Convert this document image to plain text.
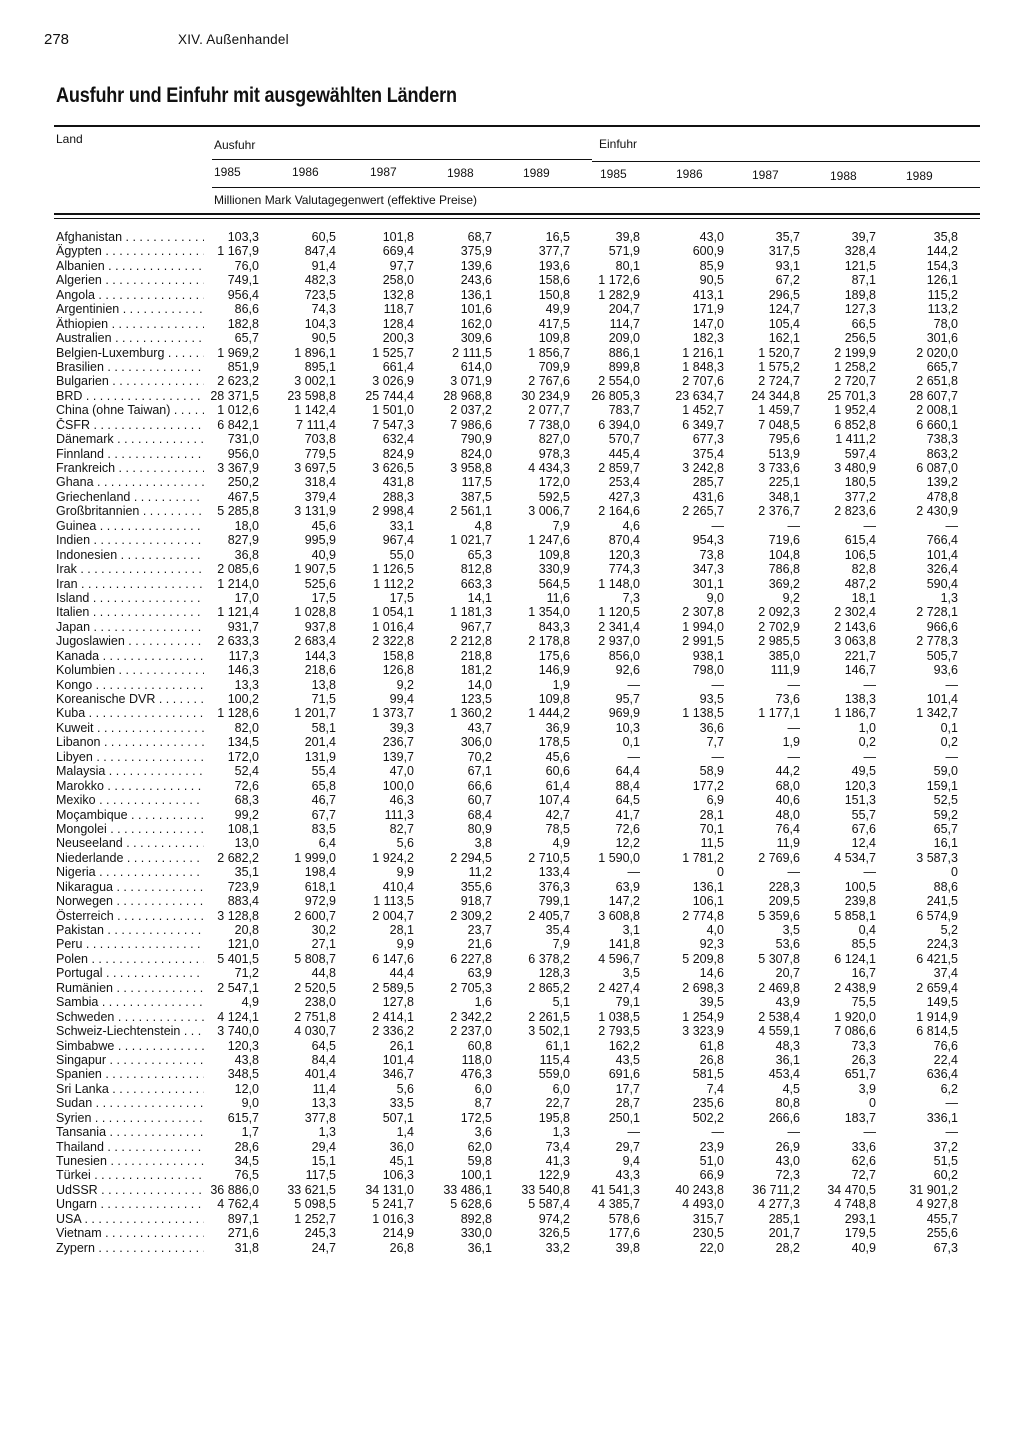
278	XIV. Außenhandel
Ausfuhr und Einfuhr mit ausgewählten Ländern
Land	Ausfuhr	Einfuhr
1985	1986	1987	1988	1989	1985	1986	1987	1988	1989
Millionen Mark Valutagegenwert (effektive Preise)
Afghanistan . . .	103,3	60,5	101,8	68,7	16,5	39,8	43,0	35,7	39,7	35,8
Ägypten . . .	1 167,9	847,4	669,4	375,9	377,7	571,9	600,9	317,5	328,4	144,2
Albanien . . .	76,0	91,4	97,7	139,6	193,6	80,1	85,9	93,1	121,5	154,3
Algerien . . .	749,1	482,3	258,0	243,6	158,6	1 172,6	90,5	67,2	87,1	126,1
Angola . . .	956,4	723,5	132,8	136,1	150,8	1 282,9	413,1	296,5	189,8	115,2
Argentinien . . .	86,6	74,3	118,7	101,6	49,9	204,7	171,9	124,7	127,3	113,2
Äthiopien . . .	182,8	104,3	128,4	162,0	417,5	114,7	147,0	105,4	66,5	78,0
Australien . . .	65,7	90,5	200,3	309,6	109,8	209,0	182,3	162,1	256,5	301,6
Belgien-Luxemburg . . .	1 969,2	1 896,1	1 525,7	2 111,5	1 856,7	886,1	1 216,1	1 520,7	2 199,9	2 020,0
Brasilien . . .	851,9	895,1	661,4	614,0	709,9	899,8	1 848,3	1 575,2	1 258,2	665,7
Bulgarien . . .	2 623,2	3 002,1	3 026,9	3 071,9	2 767,6	2 554,0	2 707,6	2 724,7	2 720,7	2 651,8
BRD . . .	28 371,5	23 598,8	25 744,4	28 968,8	30 234,9	26 805,3	23 634,7	24 344,8	25 701,3	28 607,7
China (ohne Taiwan) . . .	1 012,6	1 142,4	1 501,0	2 037,2	2 077,7	783,7	1 452,7	1 459,7	1 952,4	2 008,1
ČSFR . . .	6 842,1	7 111,4	7 547,3	7 986,6	7 738,0	6 394,0	6 349,7	7 048,5	6 852,8	6 660,1
Dänemark . . .	731,0	703,8	632,4	790,9	827,0	570,7	677,3	795,6	1 411,2	738,3
Finnland . . .	956,0	779,5	824,9	824,0	978,3	445,4	375,4	513,9	597,4	863,2
Frankreich . . .	3 367,9	3 697,5	3 626,5	3 958,8	4 434,3	2 859,7	3 242,8	3 733,6	3 480,9	6 087,0
Ghana . . .	250,2	318,4	431,8	117,5	172,0	253,4	285,7	225,1	180,5	139,2
Griechenland . . .	467,5	379,4	288,3	387,5	592,5	427,3	431,6	348,1	377,2	478,8
Großbritannien . . .	5 285,8	3 131,9	2 998,4	2 561,1	3 006,7	2 164,6	2 265,7	2 376,7	2 823,6	2 430,9
Guinea . . .	18,0	45,6	33,1	4,8	7,9	4,6	—	—	—	—
Indien . . .	827,9	995,9	967,4	1 021,7	1 247,6	870,4	954,3	719,6	615,4	766,4
Indonesien . . .	36,8	40,9	55,0	65,3	109,8	120,3	73,8	104,8	106,5	101,4
Irak . . .	2 085,6	1 907,5	1 126,5	812,8	330,9	774,3	347,3	786,8	82,8	326,4
Iran . . .	1 214,0	525,6	1 112,2	663,3	564,5	1 148,0	301,1	369,2	487,2	590,4
Island . . .	17,0	17,5	17,5	14,1	11,6	7,3	9,0	9,2	18,1	1,3
Italien . . .	1 121,4	1 028,8	1 054,1	1 181,3	1 354,0	1 120,5	2 307,8	2 092,3	2 302,4	2 728,1
Japan . . .	931,7	937,8	1 016,4	967,7	843,3	2 341,4	1 994,0	2 702,9	2 143,6	966,6
Jugoslawien . . .	2 633,3	2 683,4	2 322,8	2 212,8	2 178,8	2 937,0	2 991,5	2 985,5	3 063,8	2 778,3
Kanada . . .	117,3	144,3	158,8	218,8	175,6	856,0	938,1	385,0	221,7	505,7
Kolumbien . . .	146,3	218,6	126,8	181,2	146,9	92,6	798,0	111,9	146,7	93,6
Kongo . . .	13,3	13,8	9,2	14,0	1,9	—	—	—	—	—
Koreanische DVR . . .	100,2	71,5	99,4	123,5	109,8	95,7	93,5	73,6	138,3	101,4
Kuba . . .	1 128,6	1 201,7	1 373,7	1 360,2	1 444,2	969,9	1 138,5	1 177,1	1 186,7	1 342,7
Kuweit . . .	82,0	58,1	39,3	43,7	36,9	10,3	36,6	—	1,0	0,1
Libanon . . .	134,5	201,4	236,7	306,0	178,5	0,1	7,7	1,9	0,2	0,2
Libyen . . .	172,0	131,9	139,7	70,2	45,6	—	—	—	—	—
Malaysia . . .	52,4	55,4	47,0	67,1	60,6	64,4	58,9	44,2	49,5	59,0
Marokko . . .	72,6	65,8	100,0	66,6	61,4	88,4	177,2	68,0	120,3	159,1
Mexiko . . .	68,3	46,7	46,3	60,7	107,4	64,5	6,9	40,6	151,3	52,5
Moçambique . . .	99,2	67,7	111,3	68,4	42,7	41,7	28,1	48,0	55,7	59,2
Mongolei . . .	108,1	83,5	82,7	80,9	78,5	72,6	70,1	76,4	67,6	65,7
Neuseeland . . .	13,0	6,4	5,6	3,8	4,9	12,2	11,5	11,9	12,4	16,1
Niederlande . . .	2 682,2	1 999,0	1 924,2	2 294,5	2 710,5	1 590,0	1 781,2	2 769,6	4 534,7	3 587,3
Nigeria . . .	35,1	198,4	9,9	11,2	133,4	—	0	—	—	0
Nikaragua . . .	723,9	618,1	410,4	355,6	376,3	63,9	136,1	228,3	100,5	88,6
Norwegen . . .	883,4	972,9	1 113,5	918,7	799,1	147,2	106,1	209,5	239,8	241,5
Österreich . . .	3 128,8	2 600,7	2 004,7	2 309,2	2 405,7	3 608,8	2 774,8	5 359,6	5 858,1	6 574,9
Pakistan . . .	20,8	30,2	28,1	23,7	35,4	3,1	4,0	3,5	0,4	5,2
Peru . . .	121,0	27,1	9,9	21,6	7,9	141,8	92,3	53,6	85,5	224,3
Polen . . .	5 401,5	5 808,7	6 147,6	6 227,8	6 378,2	4 596,7	5 209,8	5 307,8	6 124,1	6 421,5
Portugal . . .	71,2	44,8	44,4	63,9	128,3	3,5	14,6	20,7	16,7	37,4
Rumänien . . .	2 547,1	2 520,5	2 589,5	2 705,3	2 865,2	2 427,4	2 698,3	2 469,8	2 438,9	2 659,4
Sambia . . .	4,9	238,0	127,8	1,6	5,1	79,1	39,5	43,9	75,5	149,5
Schweden . . .	4 124,1	2 751,8	2 414,1	2 342,2	2 261,5	1 038,5	1 254,9	2 538,4	1 920,0	1 914,9
Schweiz-Liechtenstein . . .	3 740,0	4 030,7	2 336,2	2 237,0	3 502,1	2 793,5	3 323,9	4 559,1	7 086,6	6 814,5
Simbabwe . . .	120,3	64,5	26,1	60,8	61,1	162,2	61,8	48,3	73,3	76,6
Singapur . . .	43,8	84,4	101,4	118,0	115,4	43,5	26,8	36,1	26,3	22,4
Spanien . . .	348,5	401,4	346,7	476,3	559,0	691,6	581,5	453,4	651,7	636,4
Sri Lanka . . .	12,0	11,4	5,6	6,0	6,0	17,7	7,4	4,5	3,9	6,2
Sudan . . .	9,0	13,3	33,5	8,7	22,7	28,7	235,6	80,8	0	—
Syrien . . .	615,7	377,8	507,1	172,5	195,8	250,1	502,2	266,6	183,7	336,1
Tansania . . .	1,7	1,3	1,4	3,6	1,3	—	—	—	—	—
Thailand . . .	28,6	29,4	36,0	62,0	73,4	29,7	23,9	26,9	33,6	37,2
Tunesien . . .	34,5	15,1	45,1	59,8	41,3	9,4	51,0	43,0	62,6	51,5
Türkei . . .	76,5	117,5	106,3	100,1	122,9	43,3	66,9	72,3	72,7	60,2
UdSSR . . .	36 886,0	33 621,5	34 131,0	33 486,1	33 540,8	41 541,3	40 243,8	36 711,2	34 470,5	31 901,2
Ungarn . . .	4 762,4	5 098,5	5 241,7	5 628,6	5 587,4	4 385,7	4 493,0	4 277,3	4 748,8	4 927,8
USA . . .	897,1	1 252,7	1 016,3	892,8	974,2	578,6	315,7	285,1	293,1	455,7
Vietnam . . .	271,6	245,3	214,9	330,0	326,5	177,6	230,5	201,7	179,5	255,6
Zypern . . .	31,8	24,7	26,8	36,1	33,2	39,8	22,0	28,2	40,9	67,3
